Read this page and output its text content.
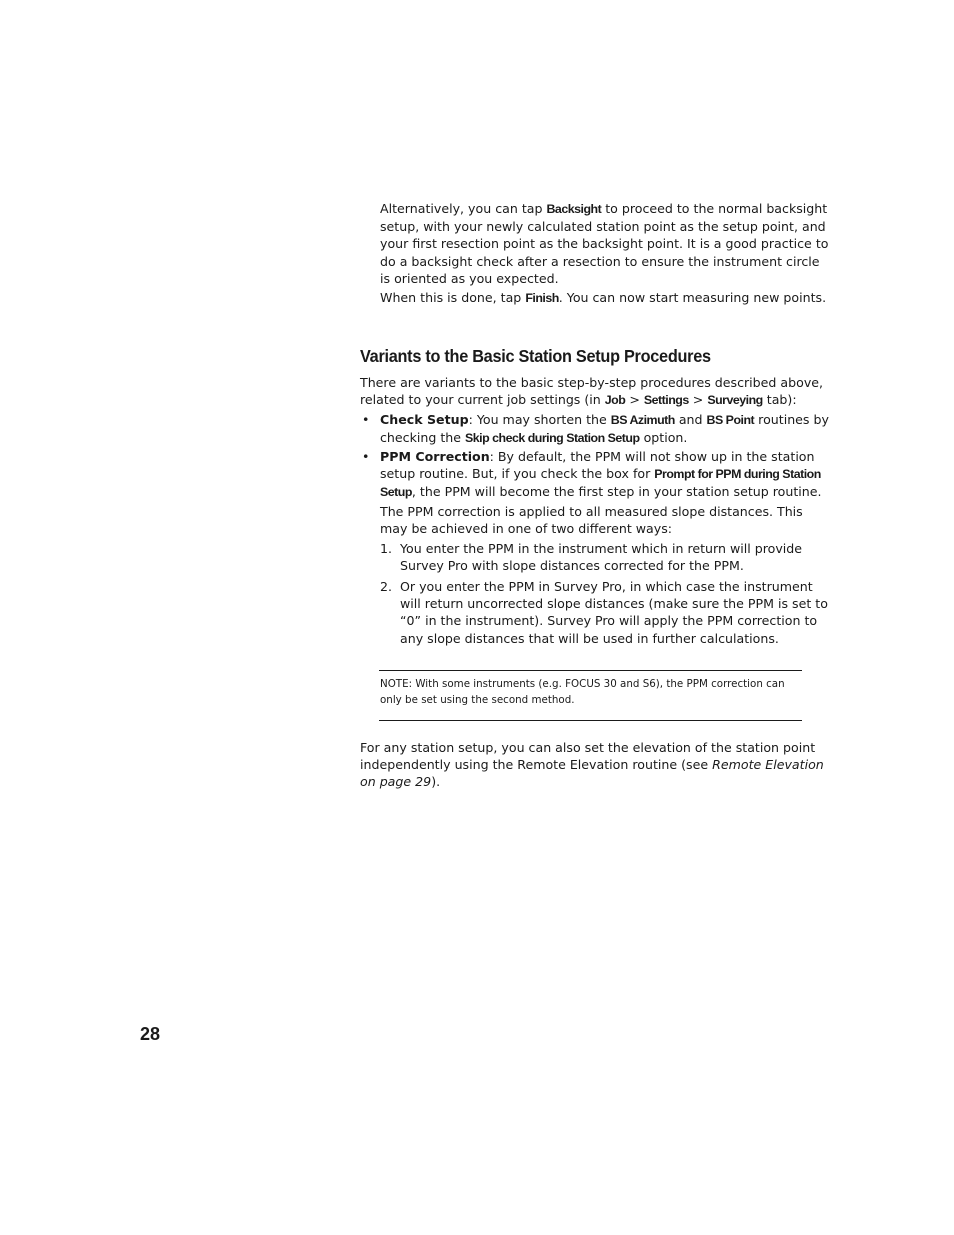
Alternatively, you can tap Backsight to proceed to the normal backsight setup, with your newly calculated station point as the setup point, and your first resection point as the backsight point. It is a good practice to do a backsight check after a resection to ensure the instrument circle is oriented as you expected.

When this is done, tap Finish. You can now start measuring new points.

Variants to the Basic Station Setup Procedures

There are variants to the basic step-by-step procedures described above, related to your current job settings (in Job > Settings > Surveying tab):

• Check Setup: You may shorten the BS Azimuth and BS Point routines by checking the Skip check during Station Setup option.

• PPM Correction: By default, the PPM will not show up in the station setup routine. But, if you check the box for Prompt for PPM during Station Setup, the PPM will become the first step in your station setup routine.

The PPM correction is applied to all measured slope distances. This may be achieved in one of two different ways:

1. You enter the PPM in the instrument which in return will provide Survey Pro with slope distances corrected for the PPM.

2. Or you enter the PPM in Survey Pro, in which case the instrument will return uncorrected slope distances (make sure the PPM is set to “0” in the instrument). Survey Pro will apply the PPM correction to any slope distances that will be used in further calculations.

NOTE: With some instruments (e.g. FOCUS 30 and S6), the PPM correction can only be set using the second method.

For any station setup, you can also set the elevation of the station point independently using the Remote Elevation routine (see Remote Elevation on page 29).

28
